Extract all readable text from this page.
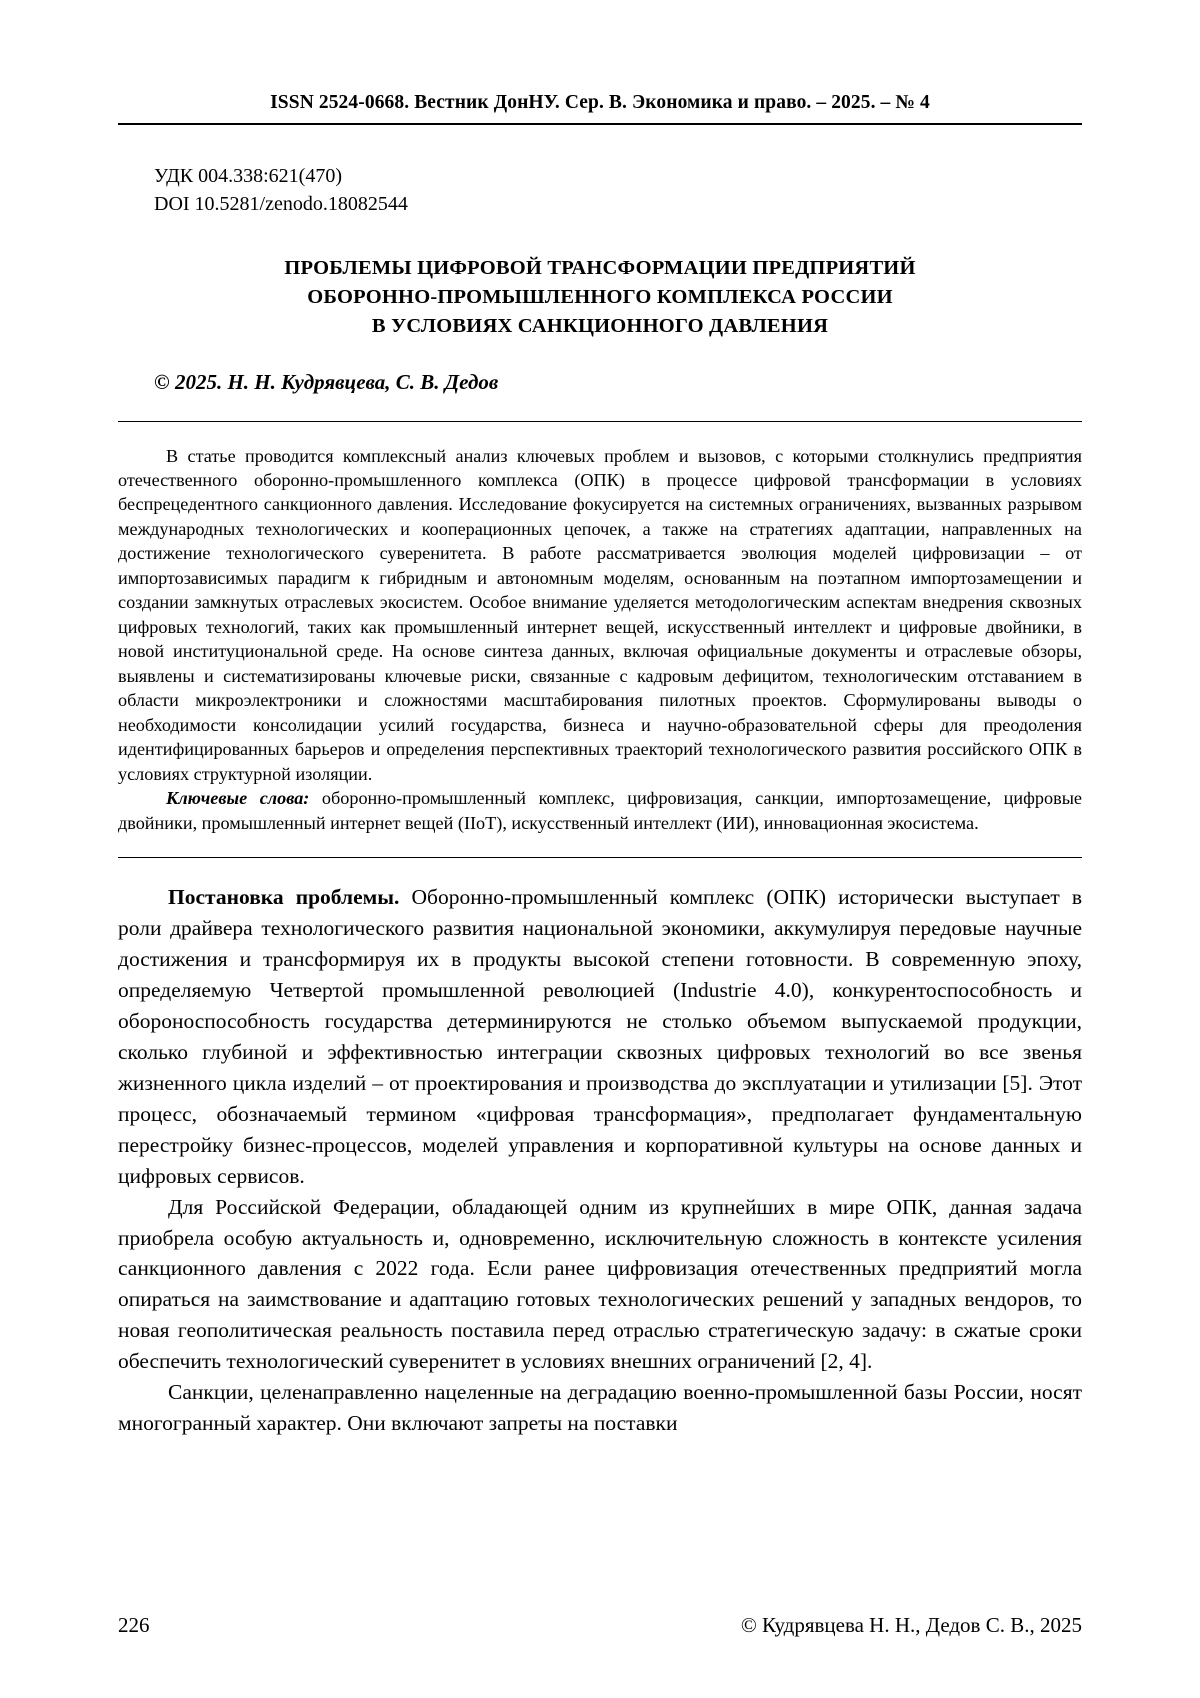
ISSN 2524-0668. Вестник ДонНУ. Сер. В. Экономика и право. – 2025. – № 4
УДК 004.338:621(470)
DOI 10.5281/zenodo.18082544
ПРОБЛЕМЫ ЦИФРОВОЙ ТРАНСФОРМАЦИИ ПРЕДПРИЯТИЙ
ОБОРОННО-ПРОМЫШЛЕННОГО КОМПЛЕКСА РОССИИ
В УСЛОВИЯХ САНКЦИОННОГО ДАВЛЕНИЯ
© 2025. Н. Н. Кудрявцева, С. В. Дедов

В статье проводится комплексный анализ ключевых проблем и вызовов, с которыми столкнулись предприятия отечественного оборонно-промышленного комплекса (ОПК) в процессе цифровой трансформации в условиях беспрецедентного санкционного давления. Исследование фокусируется на системных ограничениях, вызванных разрывом международных технологических и кооперационных цепочек, а также на стратегиях адаптации, направленных на достижение технологического суверенитета. В работе рассматривается эволюция моделей цифровизации – от импортозависимых парадигм к гибридным и автономным моделям, основанным на поэтапном импортозамещении и создании замкнутых отраслевых экосистем. Особое внимание уделяется методологическим аспектам внедрения сквозных цифровых технологий, таких как промышленный интернет вещей, искусственный интеллект и цифровые двойники, в новой институциональной среде. На основе синтеза данных, включая официальные документы и отраслевые обзоры, выявлены и систематизированы ключевые риски, связанные с кадровым дефицитом, технологическим отставанием в области микроэлектроники и сложностями масштабирования пилотных проектов. Сформулированы выводы о необходимости консолидации усилий государства, бизнеса и научно-образовательной сферы для преодоления идентифицированных барьеров и определения перспективных траекторий технологического развития российского ОПК в условиях структурной изоляции.

Ключевые слова: оборонно-промышленный комплекс, цифровизация, санкции, импортозамещение, цифровые двойники, промышленный интернет вещей (IIoT), искусственный интеллект (ИИ), инновационная экосистема.

Постановка проблемы. Оборонно-промышленный комплекс (ОПК) исторически выступает в роли драйвера технологического развития национальной экономики, аккумулируя передовые научные достижения и трансформируя их в продукты высокой степени готовности. В современную эпоху, определяемую Четвертой промышленной революцией (Industrie 4.0), конкурентоспособность и обороноспособность государства детерминируются не столько объемом выпускаемой продукции, сколько глубиной и эффективностью интеграции сквозных цифровых технологий во все звенья жизненного цикла изделий – от проектирования и производства до эксплуатации и утилизации [5]. Этот процесс, обозначаемый термином «цифровая трансформация», предполагает фундаментальную перестройку бизнес-процессов, моделей управления и корпоративной культуры на основе данных и цифровых сервисов.

Для Российской Федерации, обладающей одним из крупнейших в мире ОПК, данная задача приобрела особую актуальность и, одновременно, исключительную сложность в контексте усиления санкционного давления с 2022 года. Если ранее цифровизация отечественных предприятий могла опираться на заимствование и адаптацию готовых технологических решений у западных вендоров, то новая геополитическая реальность поставила перед отраслью стратегическую задачу: в сжатые сроки обеспечить технологический суверенитет в условиях внешних ограничений [2, 4].

Санкции, целенаправленно нацеленные на деградацию военно-промышленной базы России, носят многогранный характер. Они включают запреты на поставки

226	© Кудрявцева Н. Н., Дедов С. В., 2025
